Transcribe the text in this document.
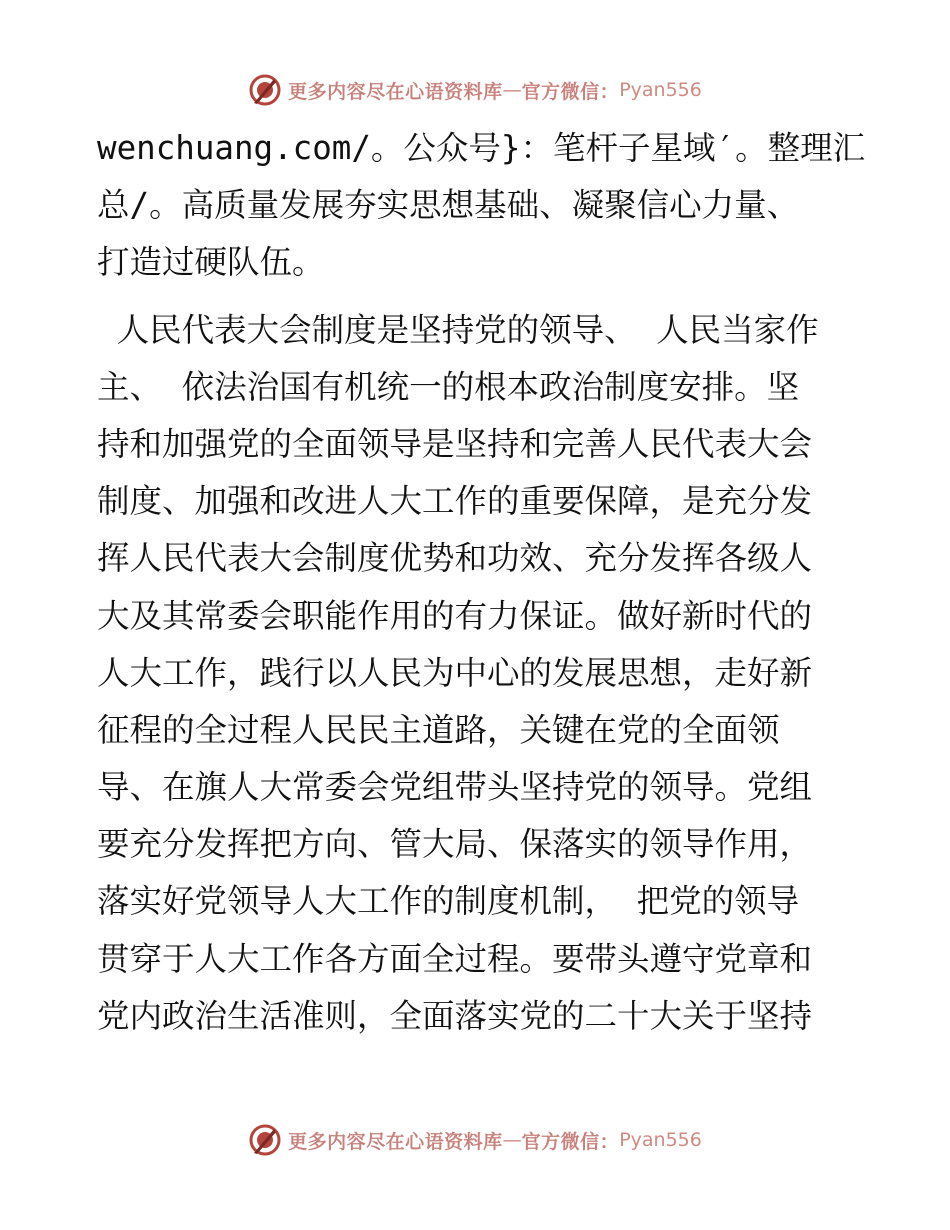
更多内容尽在心语资料库 — 官方微信： Pyan556
wenchuang.com/。公众号}：笔杆子星域′。整理汇
总/。高质量发展夯实思想基础、凝聚信心力量、
打造过硬队伍。
人民代表大会制度是坚持党的领导、 人民当家作
主、 依法治国有机统一的根本政治制度安排。坚
持和加强党的全面领导是坚持和完善人民代表大会
制度、加强和改进人大工作的重要保障，是充分发
挥人民代表大会制度优势和功效、充分发挥各级人
大及其常委会职能作用的有力保证。做好新时代的
人大工作，践行以人民为中心的发展思想，走好新
征程的全过程人民民主道路，关键在党的全面领
导、在旗人大常委会党组带头坚持党的领导。党组
要充分发挥把方向、管大局、保落实的领导作用，
落实好党领导人大工作的制度机制， 把党的领导
贯穿于人大工作各方面全过程。要带头遵守党章和
党内政治生活准则，全面落实党的二十大关于坚持
更多内容尽在心语资料库 — 官方微信： Pyan556
